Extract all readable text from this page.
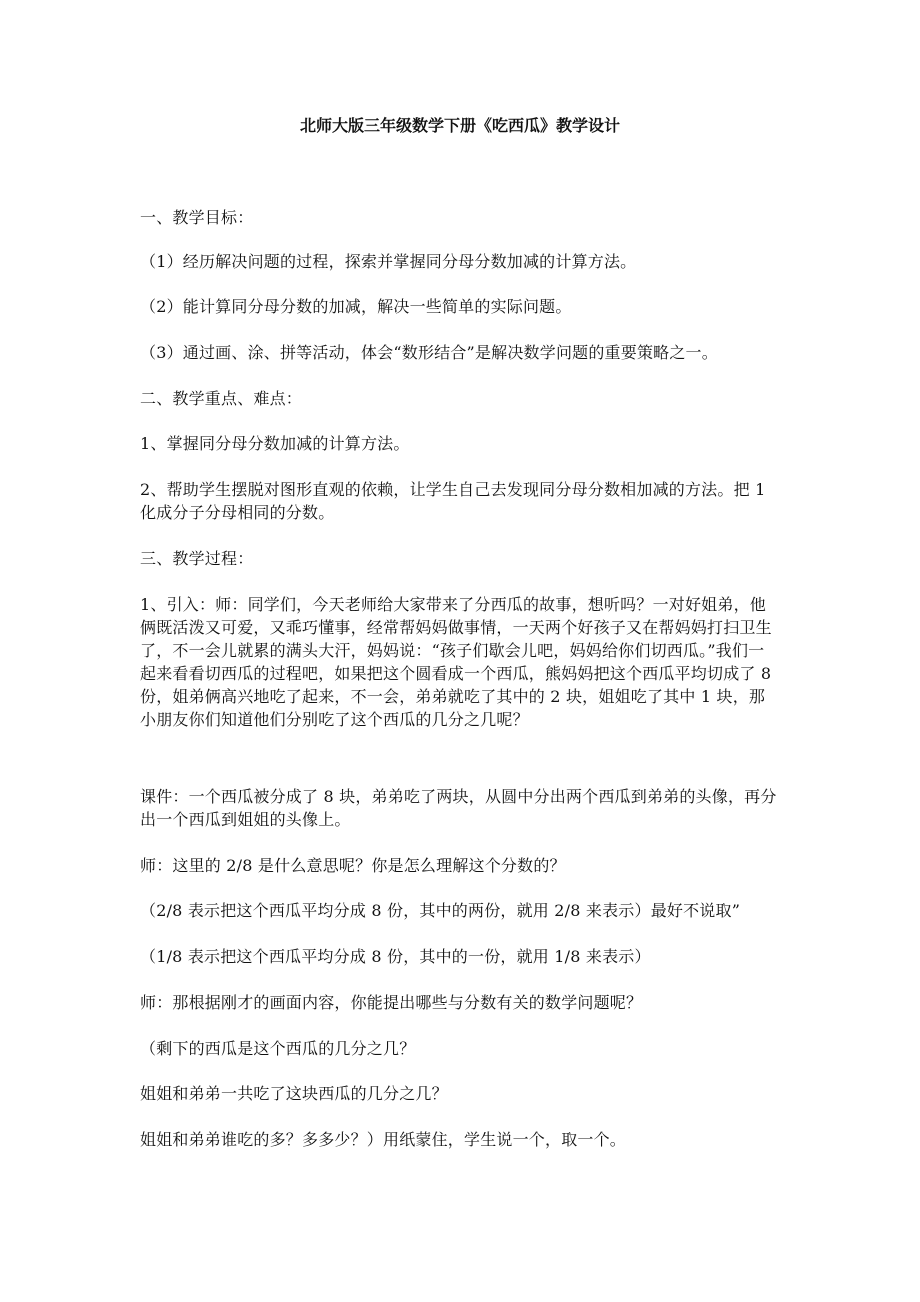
北师大版三年级数学下册《吃西瓜》教学设计

一、教学目标：

（1）经历解决问题的过程，探索并掌握同分母分数加减的计算方法。

（2）能计算同分母分数的加减，解决一些简单的实际问题。

（3）通过画、涂、拼等活动，体会“数形结合”是解决数学问题的重要策略之一。

二、教学重点、难点：

1、掌握同分母分数加减的计算方法。

2、帮助学生摆脱对图形直观的依赖，让学生自己去发现同分母分数相加减的方法。把 1 化成分子分母相同的分数。

三、教学过程：

1、引入：师：同学们，今天老师给大家带来了分西瓜的故事，想听吗？一对好姐弟，他俩既活泼又可爱，又乖巧懂事，经常帮妈妈做事情，一天两个好孩子又在帮妈妈打扫卫生了，不一会儿就累的满头大汗，妈妈说：“孩子们歇会儿吧，妈妈给你们切西瓜。”我们一起来看看切西瓜的过程吧，如果把这个圆看成一个西瓜，熊妈妈把这个西瓜平均切成了 8 份，姐弟俩高兴地吃了起来，不一会，弟弟就吃了其中的 2 块，姐姐吃了其中 1 块，那小朋友你们知道他们分别吃了这个西瓜的几分之几呢？

课件：一个西瓜被分成了 8 块，弟弟吃了两块，从圆中分出两个西瓜到弟弟的头像，再分出一个西瓜到姐姐的头像上。

师：这里的 2/8 是什么意思呢？你是怎么理解这个分数的？

（2/8 表示把这个西瓜平均分成 8 份，其中的两份，就用 2/8 来表示）最好不说取”

（1/8 表示把这个西瓜平均分成 8 份，其中的一份，就用 1/8 来表示）

师：那根据刚才的画面内容，你能提出哪些与分数有关的数学问题呢？

（剩下的西瓜是这个西瓜的几分之几？

姐姐和弟弟一共吃了这块西瓜的几分之几？

姐姐和弟弟谁吃的多？多多少？）用纸蒙住，学生说一个，取一个。
